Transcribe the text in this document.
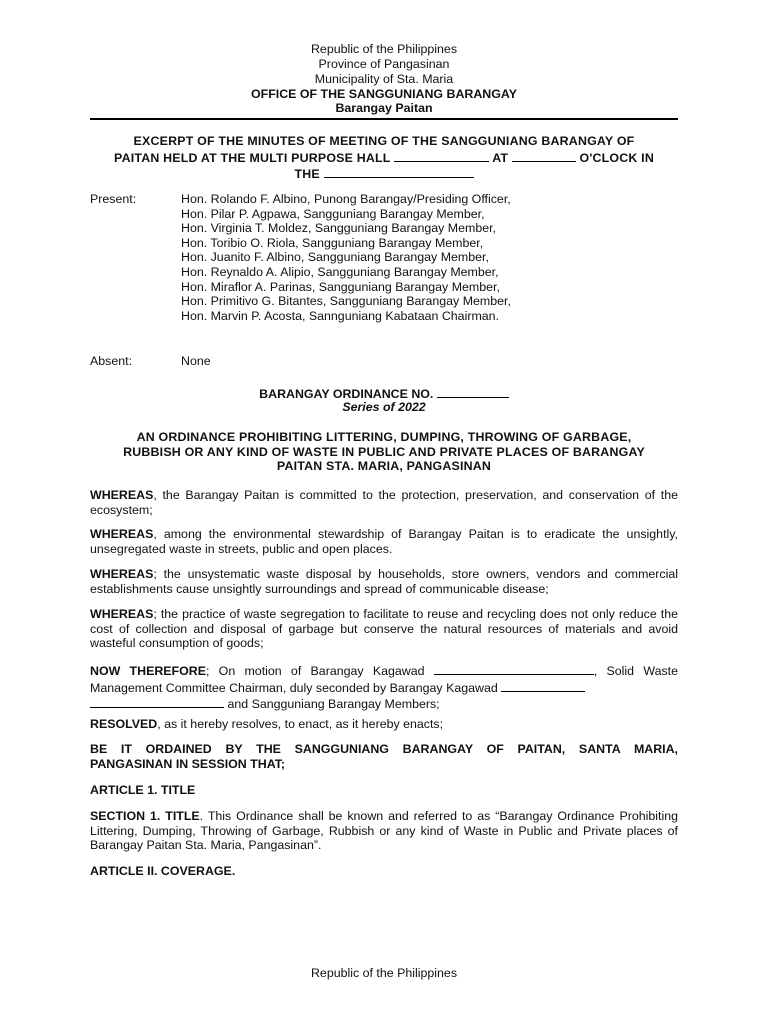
Republic of the Philippines
Province of Pangasinan
Municipality of Sta. Maria
OFFICE OF THE SANGGUNIANG BARANGAY
Barangay Paitan
EXCERPT OF THE MINUTES OF MEETING OF THE SANGGUNIANG BARANGAY OF
PAITAN HELD AT THE MULTI PURPOSE HALL	AT	O'CLOCK IN
THE
Present:	Hon. Rolando F. Albino, Punong Barangay/Presiding Officer,
Hon. Pilar P. Agpawa, Sangguniang Barangay Member,
Hon. Virginia T. Moldez, Sangguniang Barangay Member,
Hon. Toribio O. Riola, Sangguniang Barangay Member,
Hon. Juanito F. Albino, Sangguniang Barangay Member,
Hon. Reynaldo A. Alipio, Sangguniang Barangay Member,
Hon. Miraflor A. Parinas, Sangguniang Barangay Member,
Hon. Primitivo G. Bitantes, Sangguniang Barangay Member,
Hon. Marvin P. Acosta, Sannguniang Kabataan Chairman.
Absent:	None
BARANGAY ORDINANCE NO.
Series of 2022
AN ORDINANCE PROHIBITING LITTERING, DUMPING, THROWING OF GARBAGE,
RUBBISH OR ANY KIND OF WASTE IN PUBLIC AND PRIVATE PLACES OF BARANGAY
PAITAN STA. MARIA, PANGASINAN
WHEREAS, the Barangay Paitan is committed to the protection, preservation, and conservation of the ecosystem;
WHEREAS, among the environmental stewardship of Barangay Paitan is to eradicate the unsightly, unsegregated waste in streets, public and open places.
WHEREAS; the unsystematic waste disposal by households, store owners, vendors and commercial establishments cause unsightly surroundings and spread of communicable disease;
WHEREAS; the practice of waste segregation to facilitate to reuse and recycling does not only reduce the cost of collection and disposal of garbage but conserve the natural resources of materials and avoid wasteful consumption of goods;
NOW THEREFORE; On motion of Barangay Kagawad	, Solid Waste
Management Committee Chairman, duly seconded by Barangay Kagawad
and Sangguniang Barangay Members;
RESOLVED, as it hereby resolves, to enact, as it hereby enacts;
BE IT ORDAINED BY THE SANGGUNIANG BARANGAY OF PAITAN, SANTA MARIA,
PANGASINAN IN SESSION THAT;
ARTICLE 1. TITLE
SECTION 1. TITLE. This Ordinance shall be known and referred to as “Barangay Ordinance Prohibiting Littering, Dumping, Throwing of Garbage, Rubbish or any kind of Waste in Public and Private places of Barangay Paitan Sta. Maria, Pangasinan”.
ARTICLE II. COVERAGE.
Republic of the Philippines
